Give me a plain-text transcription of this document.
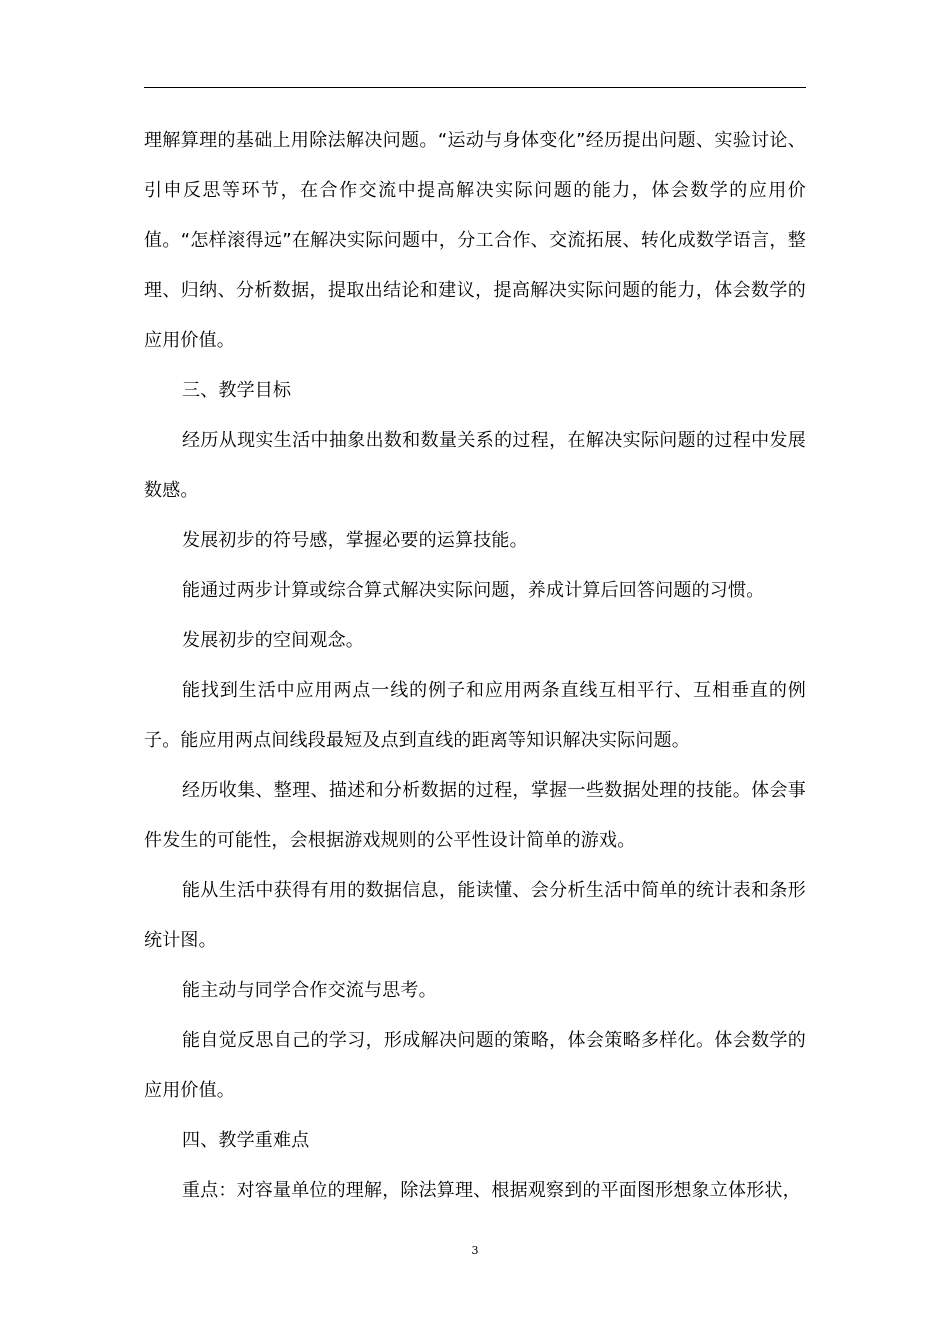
理解算理的基础上用除法解决问题。“运动与身体变化”经历提出问题、实验讨论、引申反思等环节，在合作交流中提高解决实际问题的能力，体会数学的应用价值。“怎样滚得远”在解决实际问题中，分工合作、交流拓展、转化成数学语言，整理、归纳、分析数据，提取出结论和建议，提高解决实际问题的能力，体会数学的应用价值。

三、教学目标

经历从现实生活中抽象出数和数量关系的过程，在解决实际问题的过程中发展数感。

发展初步的符号感，掌握必要的运算技能。

能通过两步计算或综合算式解决实际问题，养成计算后回答问题的习惯。

发展初步的空间观念。

能找到生活中应用两点一线的例子和应用两条直线互相平行、互相垂直的例子。能应用两点间线段最短及点到直线的距离等知识解决实际问题。

经历收集、整理、描述和分析数据的过程，掌握一些数据处理的技能。体会事件发生的可能性，会根据游戏规则的公平性设计简单的游戏。

能从生活中获得有用的数据信息，能读懂、会分析生活中简单的统计表和条形统计图。

能主动与同学合作交流与思考。

能自觉反思自己的学习，形成解决问题的策略，体会策略多样化。体会数学的应用价值。

四、教学重难点

重点：对容量单位的理解，除法算理、根据观察到的平面图形想象立体形状，

3
